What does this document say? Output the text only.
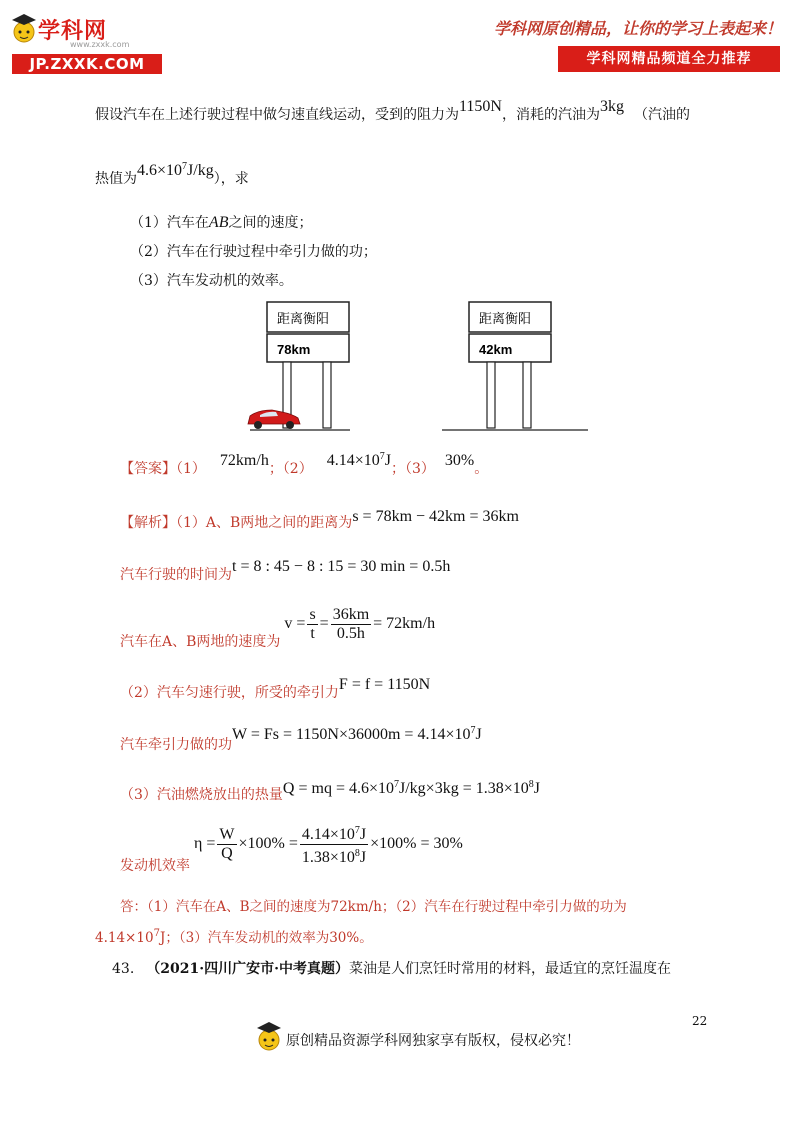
学科网
www.zxxk.com
JP.ZXXK.COM
学科网原创精品，让你的学习上表起来！
学科网精品频道全力推荐
假设汽车在上述行驶过程中做匀速直线运动，受到的阻力为1150N，消耗的汽油为3kg （汽油的
热值为$4.6\times 10^7J/kg$），求
（1）汽车在AB之间的速度；
（2）汽车在行驶过程中牵引力做的功；
（3）汽车发动机的效率。
距离衡阳
78km
距离衡阳
42km
【答案】（1） 72km/h；（2） $4.14\times 10^7J$；（3） 30%。
【解析】（1）A、B两地之间的距离为s = 78km − 42km = 36km
汽车行驶的时间为t = 8 : 45 − 8 : 15 = 30 min = 0.5h
汽车在A、B两地的速度为 $v = \frac{s}{t} = \frac{36km}{0.5h} = 72km/h$
（2）汽车匀速行驶，所受的牵引力F = f = 1150N
汽车牵引力做的功$W = Fs = 1150N\times 36000m = 4.14\times 10^7J$
（3）汽油燃烧放出的热量Q = mq = $4.6\times 10^7J/kg\times 3kg = 1.38\times 10^8J$
发动机效率 $\eta = \frac{W}{Q} \times 100\% = \frac{4.14\times 10^7J}{1.38\times 10^8J} \times 100\% = 30\%$
答：（1）汽车在A、B之间的速度为72km/h；（2）汽车在行驶过程中牵引力做的功为
$4.14\times 10^7J$；（3）汽车发动机的效率为30%。
43. （2021·四川广安市·中考真题）菜油是人们烹饪时常用的材料，最适宜的烹饪温度在
22
原创精品资源学科网独家享有版权，侵权必究！
